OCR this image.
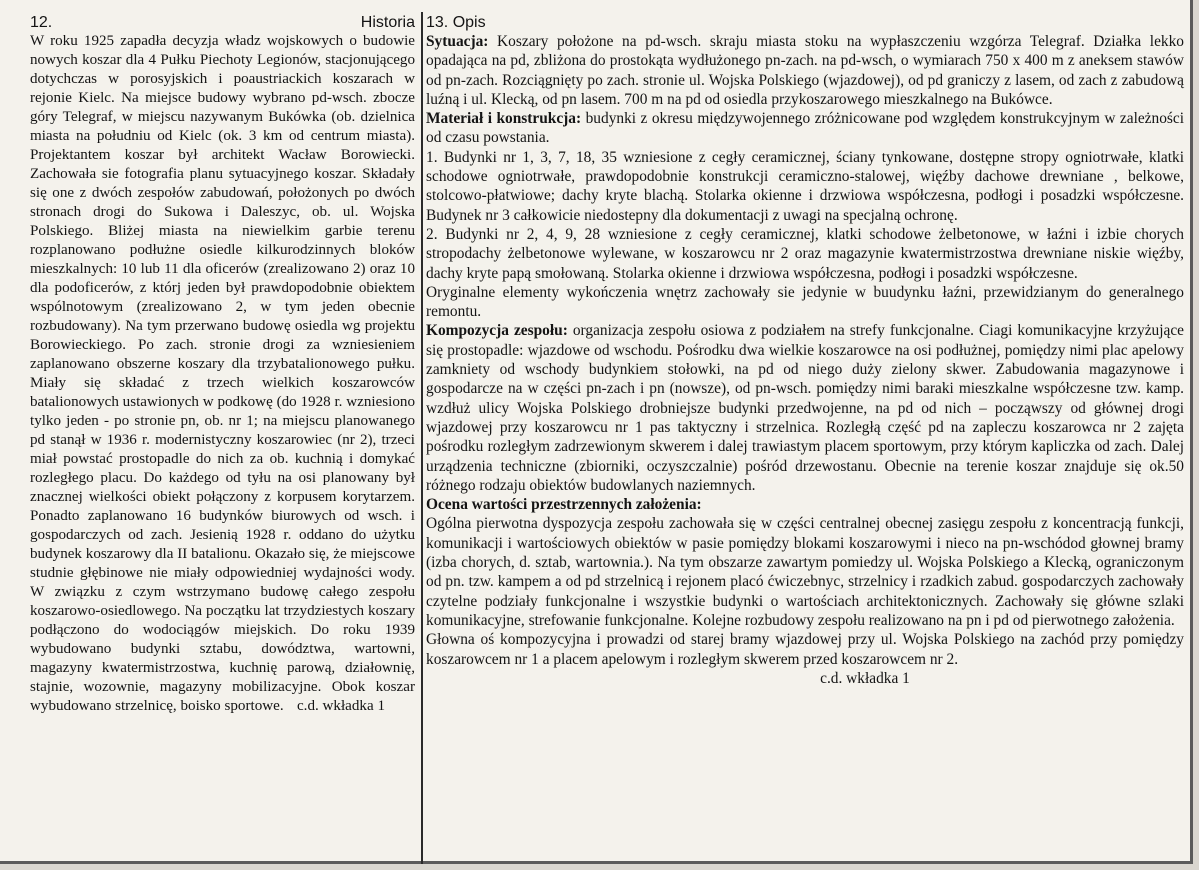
12.	Historia

W roku 1925 zapadła decyzja władz wojskowych o budowie nowych koszar dla 4 Pułku Piechoty Legionów, stacjonującego dotychczas w porosyjskich i poaustriackich koszarach w rejonie Kielc. Na miejsce budowy wybrano pd-wsch. zbocze góry Telegraf, w miejscu nazywanym Bukówka (ob. dzielnica miasta na południu od Kielc (ok. 3 km od centrum miasta). Projektantem koszar był architekt Wacław Borowiecki. Zachowała sie fotografia planu sytuacyjnego koszar. Składały się one z dwóch zespołów zabudowań, położonych po dwóch stronach drogi do Sukowa i Daleszyc, ob. ul. Wojska Polskiego. Bliżej miasta na niewielkim garbie terenu rozplanowano podłużne osiedle kilkurodzinnych bloków mieszkalnych: 10 lub 11 dla oficerów (zrealizowano 2) oraz 10 dla podoficerów, z którj jeden był prawdopodobnie obiektem wspólnotowym (zrealizowano 2, w tym jeden obecnie rozbudowany). Na tym przerwano budowę osiedla wg projektu Borowieckiego. Po zach. stronie drogi za wzniesieniem zaplanowano obszerne koszary dla trzybatalionowego pułku. Miały się składać z trzech wielkich koszarowców batalionowych ustawionych w podkowę (do 1928 r. wzniesiono tylko jeden - po stronie pn, ob. nr 1; na miejscu planowanego pd stanął w 1936 r. modernistyczny koszarowiec (nr 2), trzeci miał powstać prostopadle do nich za ob. kuchnią i domykać rozległego placu. Do każdego od tyłu na osi planowany był znacznej wielkości obiekt połączony z korpusem korytarzem. Ponadto zaplanowano 16 budynków biurowych od wsch. i gospodarczych od zach. Jesienią 1928 r. oddano do użytku budynek koszarowy dla II batalionu. Okazało się, że miejscowe studnie głębinowe nie miały odpowiedniej wydajności wody. W związku z czym wstrzymano budowę całego zespołu koszarowo-osiedlowego. Na początku lat trzydziestych koszary podłączono do wodociągów miejskich. Do roku 1939 wybudowano budynki sztabu, dowództwa, wartowni, magazyny kwatermistrzostwa, kuchnię parową, działownię, stajnie, wozownie, magazyny mobilizacyjne. Obok koszar wybudowano strzelnicę, boisko sportowe. c.d. wkładka 1
13. Opis

Sytuacja: Koszary położone na pd-wsch. skraju miasta stoku na wypłaszczeniu wzgórza Telegraf. Działka lekko opadająca na pd, zbliżona do prostokąta wydłużonego pn-zach. na pd-wsch, o wymiarach 750 x 400 m z aneksem stawów od pn-zach. Rozciągnięty po zach. stronie ul. Wojska Polskiego (wjazdowej), od pd graniczy z lasem, od zach z zabudową luźną i ul. Klecką, od pn lasem. 700 m na pd od osiedla przykoszarowego mieszkalnego na Bukówce.

Materiał i konstrukcja: budynki z okresu międzywojennego zróżnicowane pod względem konstrukcyjnym w zależności od czasu powstania.

1. Budynki nr 1, 3, 7, 18, 35 wzniesione z cegły ceramicznej, ściany tynkowane, dostępne stropy ogniotrwałe, klatki schodowe ogniotrwałe, prawdopodobnie konstrukcji ceramiczno-stalowej, więźby dachowe drewniane , belkowe, stolcowo-płatwiowe; dachy kryte blachą. Stolarka okienne i drzwiowa współczesna, podłogi i posadzki współczesne. Budynek nr 3 całkowicie niedostepny dla dokumentacji z uwagi na specjalną ochronę.

2. Budynki nr 2, 4, 9, 28 wzniesione z cegły ceramicznej, klatki schodowe żelbetonowe, w łaźni i izbie chorych stropodachy żelbetonowe wylewane, w koszarowcu nr 2 oraz magazynie kwatermistrzostwa drewniane niskie więźby, dachy kryte papą smołowaną. Stolarka okienne i drzwiowa współczesna, podłogi i posadzki współczesne.

Oryginalne elementy wykończenia wnętrz zachowały sie jedynie w buudynku łaźni, przewidzianym do generalnego remontu.

Kompozycja zespołu: organizacja zespołu osiowa z podziałem na strefy funkcjonalne. Ciagi komunikacyjne krzyżujące się prostopadle: wjazdowe od wschodu. Pośrodku dwa wielkie koszarowce na osi podłużnej, pomiędzy nimi plac apelowy zamkniety od wschody budynkiem stołowki, na pd od niego duży zielony skwer. Zabudowania magazynowe i gospodarcze na w części pn-zach i pn (nowsze), od pn-wsch. pomiędzy nimi baraki mieszkalne współczesne tzw. kamp. wzdłuż ulicy Wojska Polskiego drobniejsze budynki przedwojenne, na pd od nich – począwszy od głównej drogi wjazdowej przy koszarowcu nr 1 pas taktyczny i strzelnica. Rozległą część pd na zapleczu koszarowca nr 2 zajęta pośrodku rozległym zadrzewionym skwerem i dalej trawiastym placem sportowym, przy którym kapliczka od zach. Dalej urządzenia techniczne (zbiorniki, oczyszczalnie) pośród drzewostanu. Obecnie na terenie koszar znajduje się ok.50 różnego rodzaju obiektów budowlanych naziemnych.

Ocena wartości przestrzennych założenia:

Ogólna pierwotna dyspozycja zespołu zachowała się w części centralnej obecnej zasięgu zespołu z koncentracją funkcji, komunikacji i wartościowych obiektów w pasie pomiędzy blokami koszarowymi i nieco na pn-wschódod głownej bramy (izba chorych, d. sztab, wartownia.). Na tym obszarze zawartym pomiedzy ul. Wojska Polskiego a Klecką, ograniczonym od pn. tzw. kampem a od pd strzelnicą i rejonem placó ćwiczebnyc, strzelnicy i rzadkich zabud. gospodarczych zachowały czytelne podziały funkcjonalne i wszystkie budynki o wartościach architektonicznych. Zachowały się główne szlaki komunikacyjne, strefowanie funkcjonalne. Kolejne rozbudowy zespołu realizowano na pn i pd od pierwotnego założenia.

Głowna oś kompozycyjna i prowadzi od starej bramy wjazdowej przy ul. Wojska Polskiego na zachód przy pomiędzy koszarowcem nr 1 a placem apelowym i rozległym skwerem przed koszarowcem nr 2.

c.d. wkładka 1
